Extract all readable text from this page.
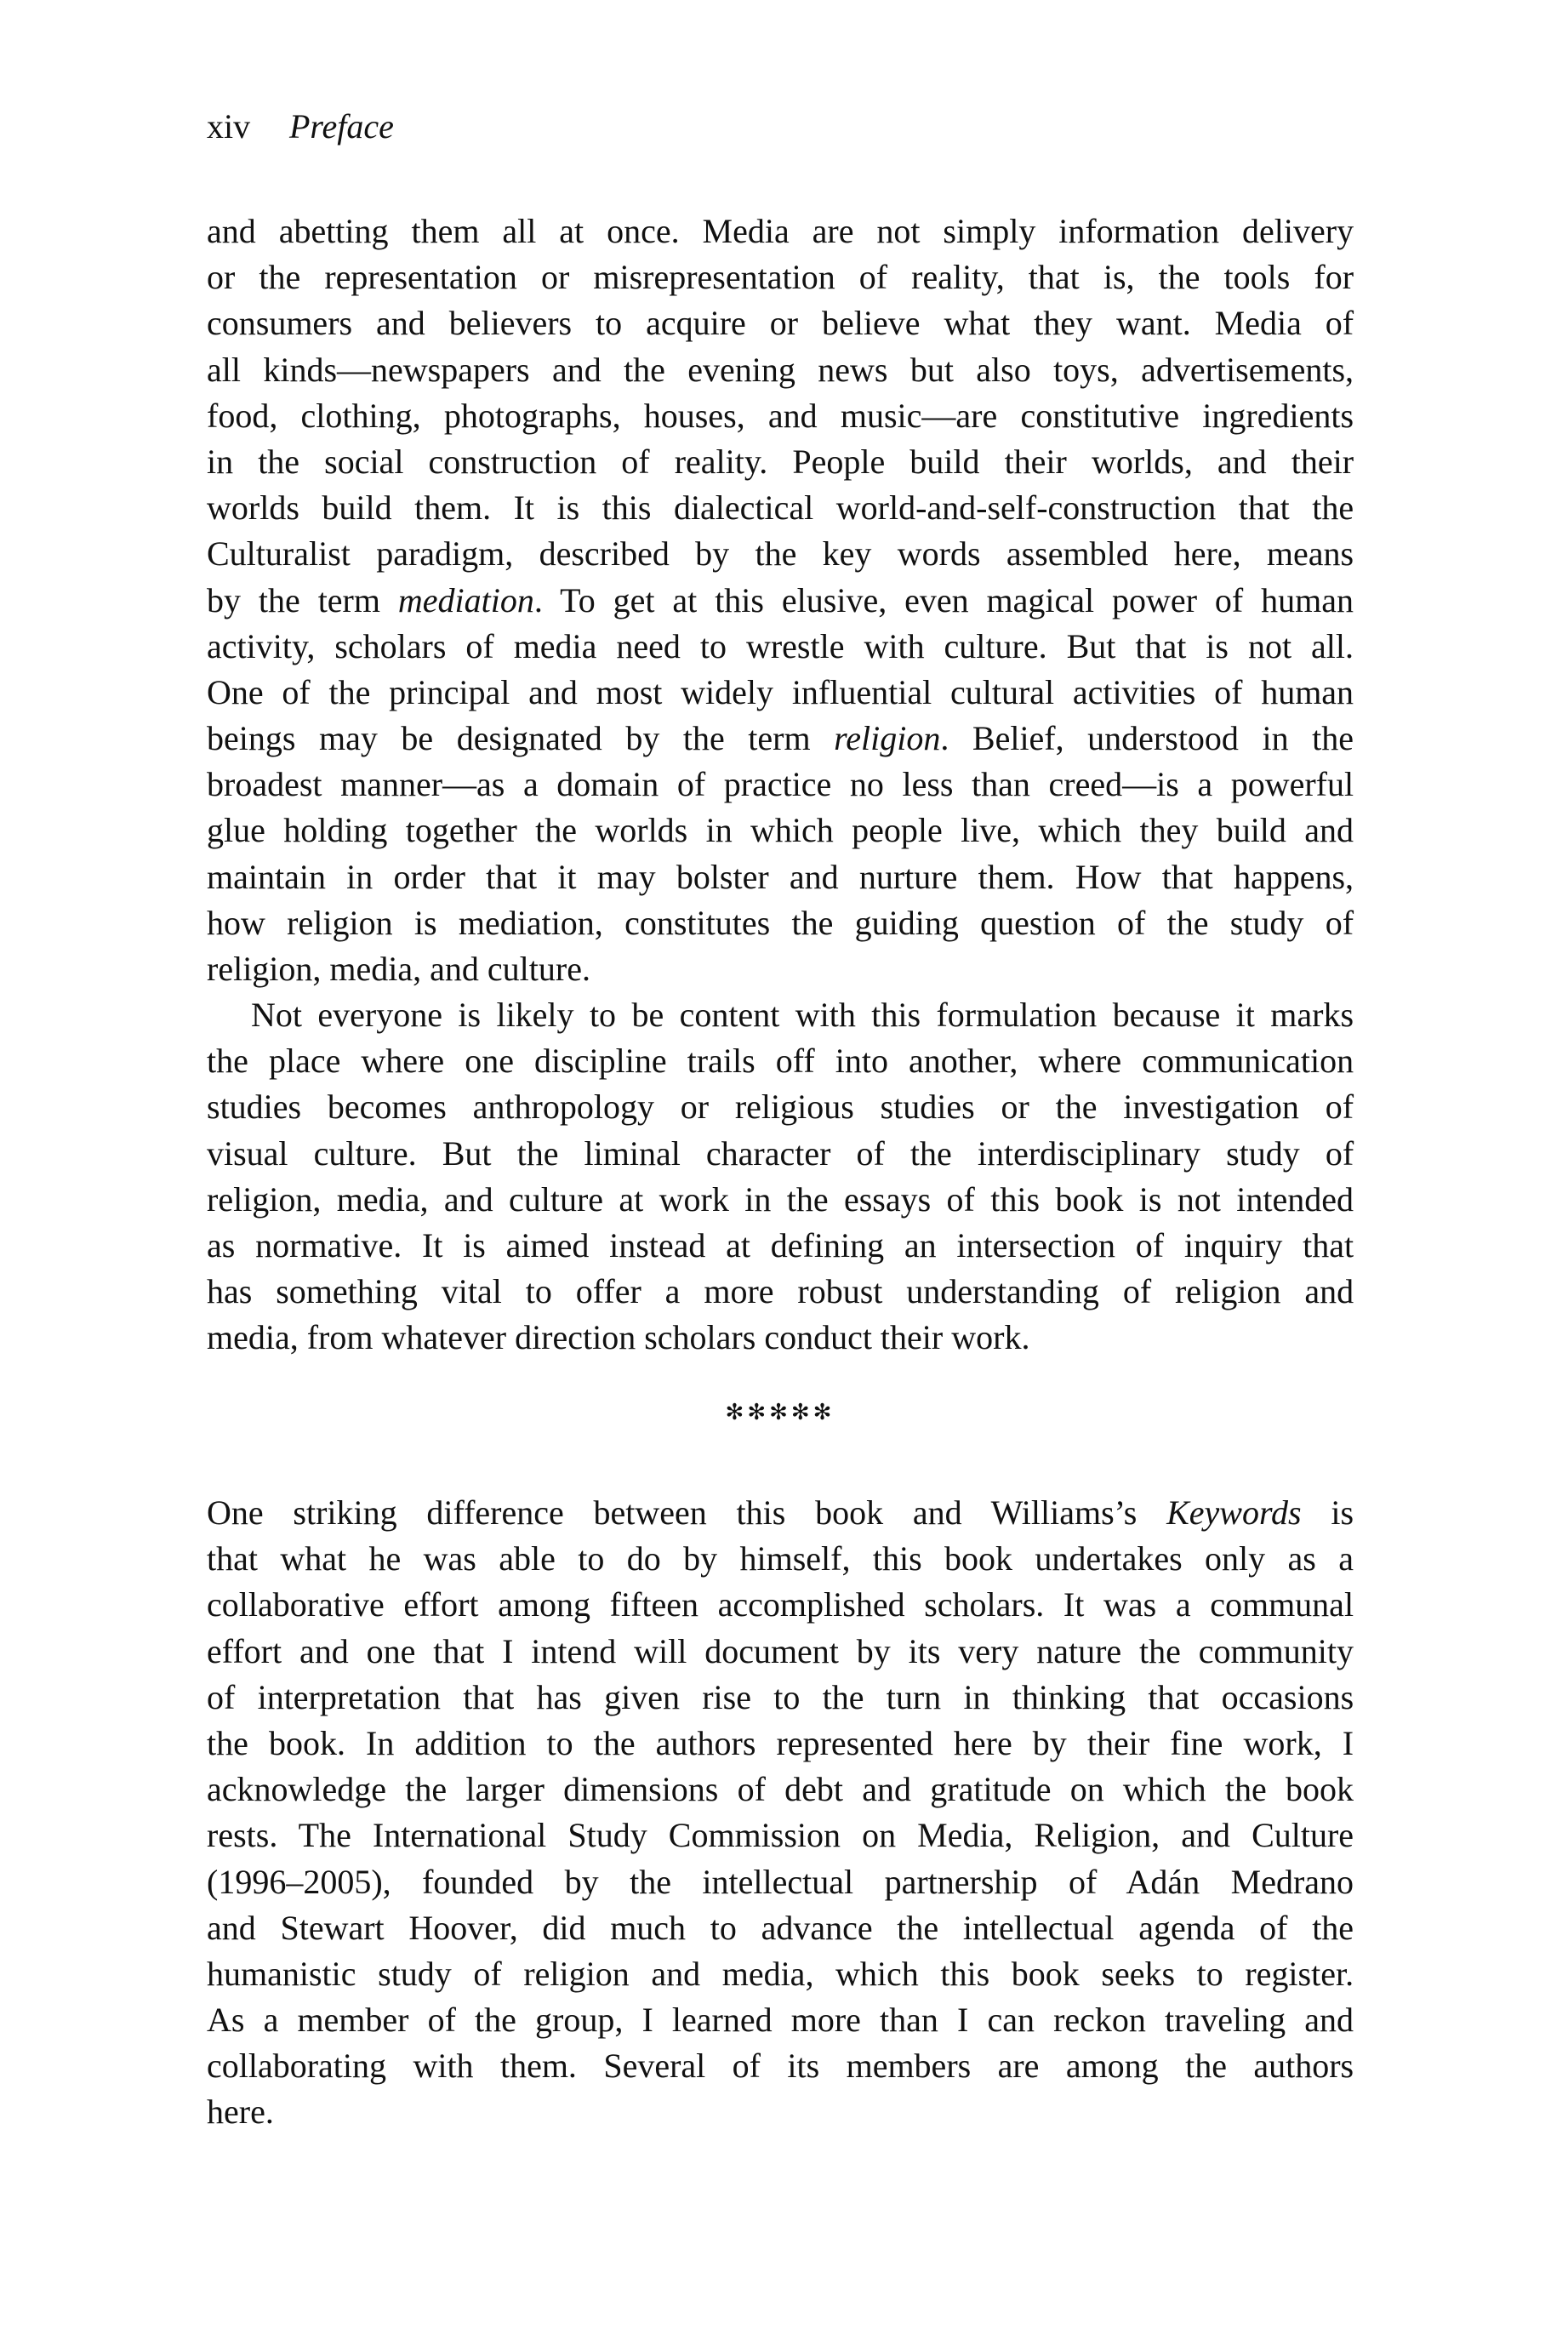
xiv Preface
and abetting them all at once. Media are not simply information delivery
or the representation or misrepresentation of reality, that is, the tools for
consumers and believers to acquire or believe what they want. Media of
all kinds—newspapers and the evening news but also toys, advertisements,
food, clothing, photographs, houses, and music—are constitutive ingredients
in the social construction of reality. People build their worlds, and their
worlds build them. It is this dialectical world-and-self-construction that the
Culturalist paradigm, described by the key words assembled here, means
by the term mediation. To get at this elusive, even magical power of human
activity, scholars of media need to wrestle with culture. But that is not all.
One of the principal and most widely influential cultural activities of human
beings may be designated by the term religion. Belief, understood in the
broadest manner—as a domain of practice no less than creed—is a powerful
glue holding together the worlds in which people live, which they build and
maintain in order that it may bolster and nurture them. How that happens,
how religion is mediation, constitutes the guiding question of the study of
religion, media, and culture.
Not everyone is likely to be content with this formulation because it marks
the place where one discipline trails off into another, where communication
studies becomes anthropology or religious studies or the investigation of
visual culture. But the liminal character of the interdisciplinary study of
religion, media, and culture at work in the essays of this book is not intended
as normative. It is aimed instead at defining an intersection of inquiry that
has something vital to offer a more robust understanding of religion and
media, from whatever direction scholars conduct their work.
✻✻✻✻✻
One striking difference between this book and Williams’s Keywords is
that what he was able to do by himself, this book undertakes only as a
collaborative effort among fifteen accomplished scholars. It was a communal
effort and one that I intend will document by its very nature the community
of interpretation that has given rise to the turn in thinking that occasions
the book. In addition to the authors represented here by their fine work, I
acknowledge the larger dimensions of debt and gratitude on which the book
rests. The International Study Commission on Media, Religion, and Culture
(1996–2005), founded by the intellectual partnership of Adán Medrano
and Stewart Hoover, did much to advance the intellectual agenda of the
humanistic study of religion and media, which this book seeks to register.
As a member of the group, I learned more than I can reckon traveling and
collaborating with them. Several of its members are among the authors
here.
